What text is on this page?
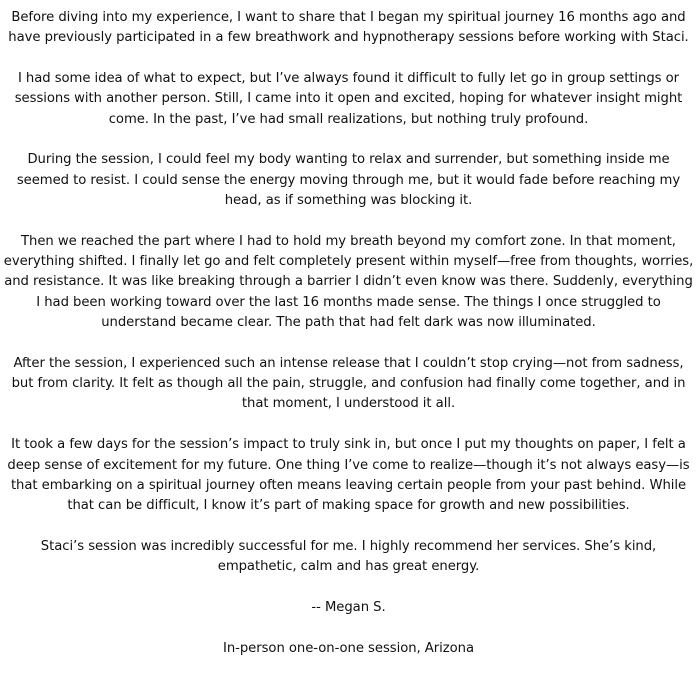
Before diving into my experience, I want to share that I began my spiritual journey 16 months ago and have previously participated in a few breathwork and hypnotherapy sessions before working with Staci.

I had some idea of what to expect, but I’ve always found it difficult to fully let go in group settings or sessions with another person. Still, I came into it open and excited, hoping for whatever insight might come. In the past, I’ve had small realizations, but nothing truly profound.

During the session, I could feel my body wanting to relax and surrender, but something inside me seemed to resist. I could sense the energy moving through me, but it would fade before reaching my head, as if something was blocking it.

Then we reached the part where I had to hold my breath beyond my comfort zone. In that moment, everything shifted. I finally let go and felt completely present within myself—free from thoughts, worries, and resistance. It was like breaking through a barrier I didn’t even know was there. Suddenly, everything I had been working toward over the last 16 months made sense. The things I once struggled to understand became clear. The path that had felt dark was now illuminated.

After the session, I experienced such an intense release that I couldn’t stop crying—not from sadness, but from clarity. It felt as though all the pain, struggle, and confusion had finally come together, and in that moment, I understood it all.

It took a few days for the session’s impact to truly sink in, but once I put my thoughts on paper, I felt a deep sense of excitement for my future. One thing I’ve come to realize—though it’s not always easy—is that embarking on a spiritual journey often means leaving certain people from your past behind. While that can be difficult, I know it’s part of making space for growth and new possibilities.

Staci’s session was incredibly successful for me. I highly recommend her services. She’s kind, empathetic, calm and has great energy.

-- Megan S.

In-person one-on-one session, Arizona
